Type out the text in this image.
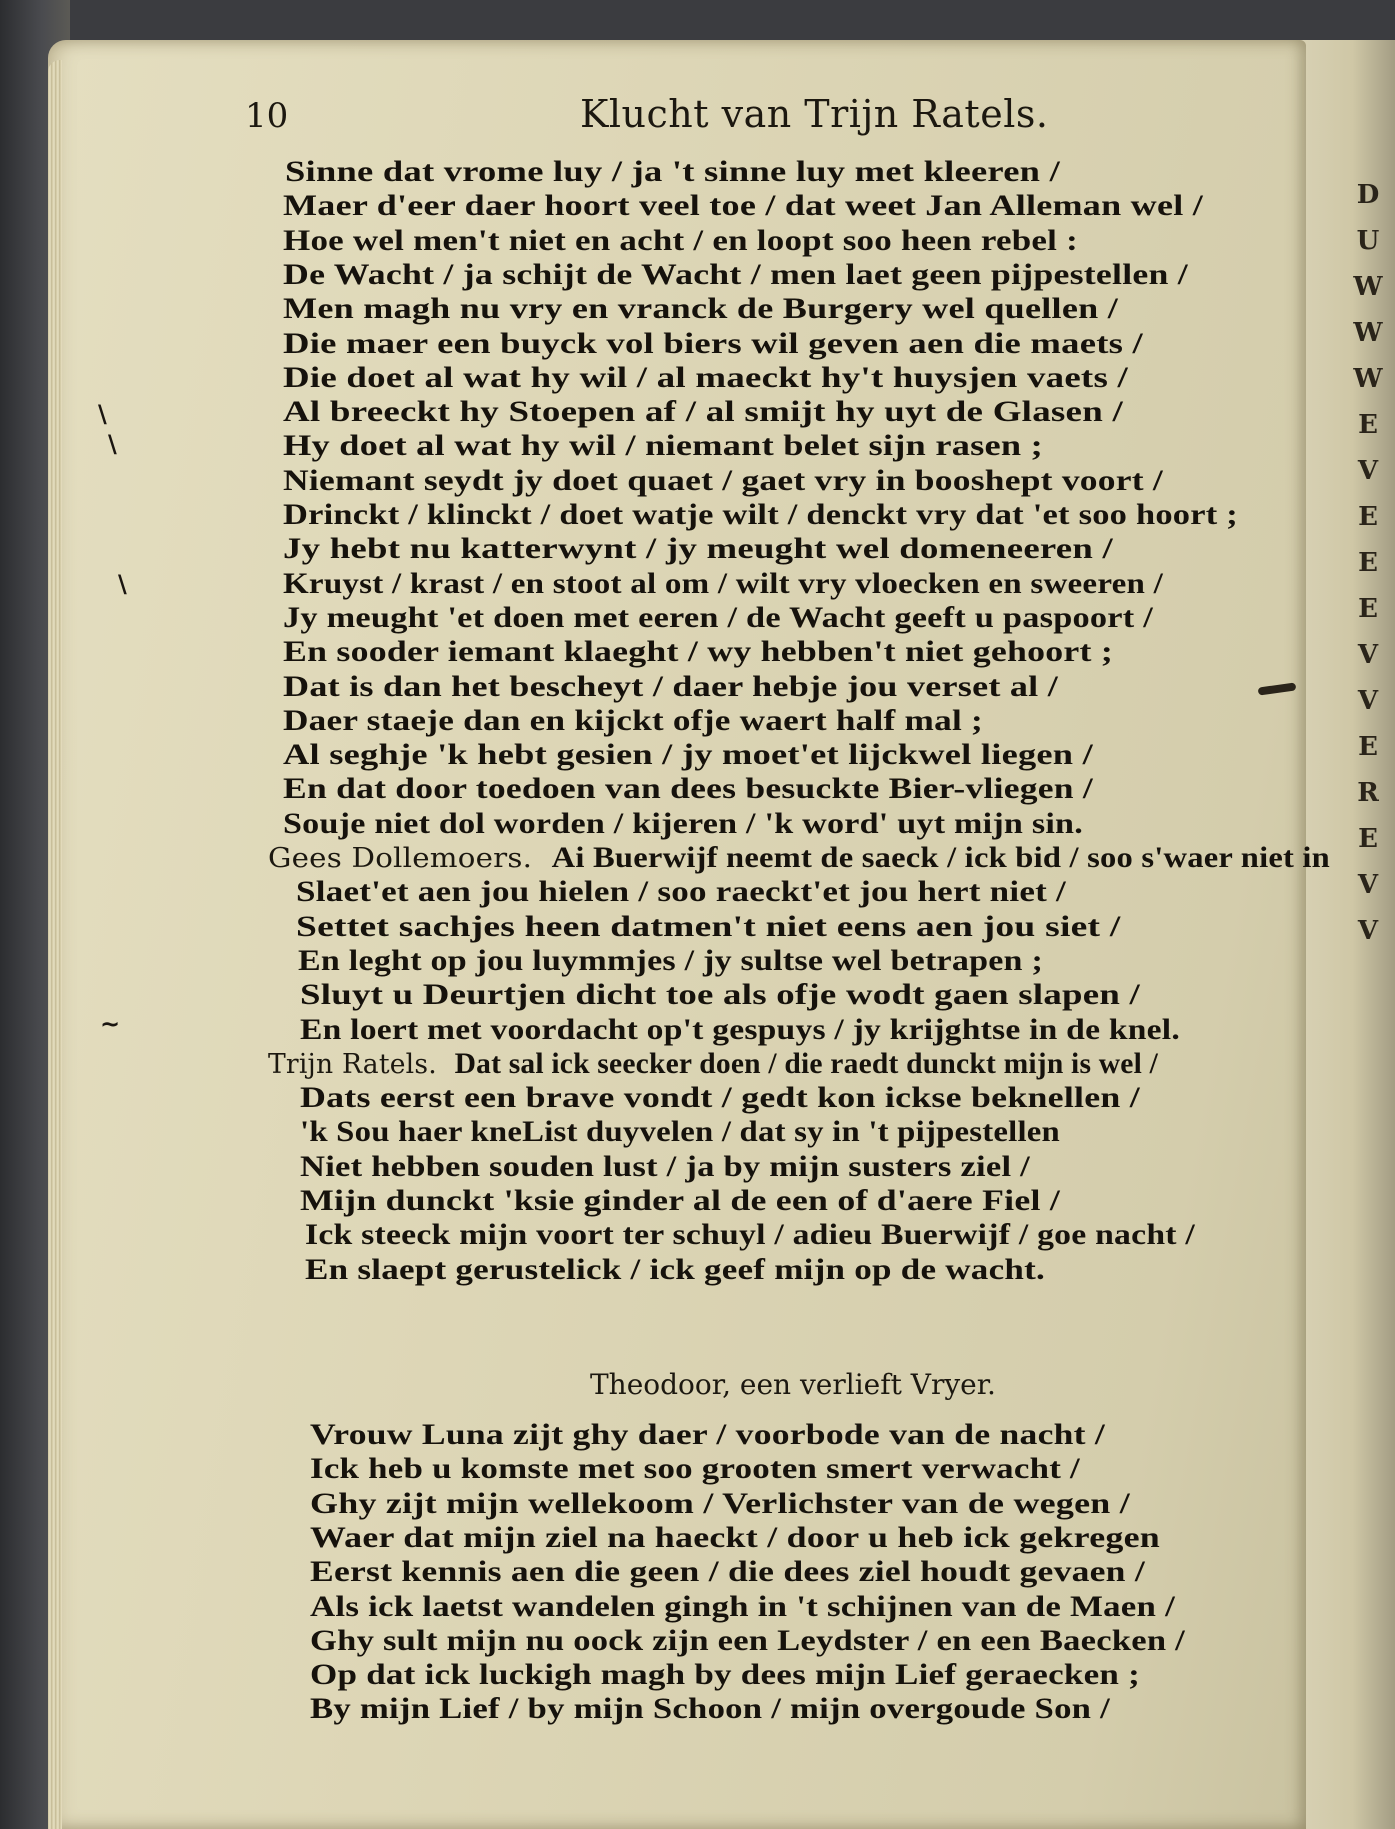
D
U
W
W
W
E
V
E
E
E
V
V
E
R
E
V
V
10	Klucht van Trijn Ratels.
Sinne dat vrome luy / ja 't sinne luy met kleeren /
Maer d'eer daer hoort veel toe / dat weet Jan Alleman wel /
Hoe wel men't niet en acht / en loopt soo heen rebel :
De Wacht / ja schijt de Wacht / men laet geen pijpestellen /
Men magh nu vry en vranck de Burgery wel quellen /
Die maer een buyck vol biers wil geven aen die maets /
Die doet al wat hy wil / al maeckt hy't huysjen vaets /
Al breeckt hy Stoepen af / al smijt hy uyt de Glasen /
Hy doet al wat hy wil / niemant belet sijn rasen ;
Niemant seydt jy doet quaet / gaet vry in booshept voort /
Drinckt / klinckt / doet watje wilt / denckt vry dat 'et soo hoort ;
Jy hebt nu katterwynt / jy meught wel domeneeren /
Kruyst / krast / en stoot al om / wilt vry vloecken en sweeren /
Jy meught 'et doen met eeren / de Wacht geeft u paspoort /
En sooder iemant klaeght / wy hebben't niet gehoort ;
Dat is dan het bescheyt / daer hebje jou verset al /
Daer staeje dan en kijckt ofje waert half mal ;
Al seghje 'k hebt gesien / jy moet'et lijckwel liegen /
En dat door toedoen van dees besuckte Bier-vliegen /
Souje niet dol worden / kijeren / 'k word' uyt mijn sin.
Gees Dollemoers. Ai Buerwijf neemt de saeck / ick bid / soo s'waer niet in
Slaet'et aen jou hielen / soo raeckt'et jou hert niet /
Settet sachjes heen datmen't niet eens aen jou siet /
En leght op jou luymmjes / jy sultse wel betrapen ;
Sluyt u Deurtjen dicht toe als ofje wodt gaen slapen /
En loert met voordacht op't gespuys / jy krijghtse in de knel.
Trijn Ratels. Dat sal ick seecker doen / die raedt dunckt mijn is wel /
Dats eerst een brave vondt / gedt kon ickse beknellen /
'k Sou haer kneList duyvelen / dat sy in 't pijpestellen
Niet hebben souden lust / ja by mijn susters ziel /
Mijn dunckt 'ksie ginder al de een of d'aere Fiel /
Ick steeck mijn voort ter schuyl / adieu Buerwijf / goe nacht /
En slaept gerustelick / ick geef mijn op de wacht.
Theodoor, een verlieft Vryer.
Vrouw Luna zijt ghy daer / voorbode van de nacht /
Ick heb u komste met soo grooten smert verwacht /
Ghy zijt mijn wellekoom / Verlichster van de wegen /
Waer dat mijn ziel na haeckt / door u heb ick gekregen
Eerst kennis aen die geen / die dees ziel houdt gevaen /
Als ick laetst wandelen gingh in 't schijnen van de Maen /
Ghy sult mijn nu oock zijn een Leydster / en een Baecken /
Op dat ick luckigh magh by dees mijn Lief geraecken ;
By mijn Lief / by mijn Schoon / mijn overgoude Son /
\
\
\
~
